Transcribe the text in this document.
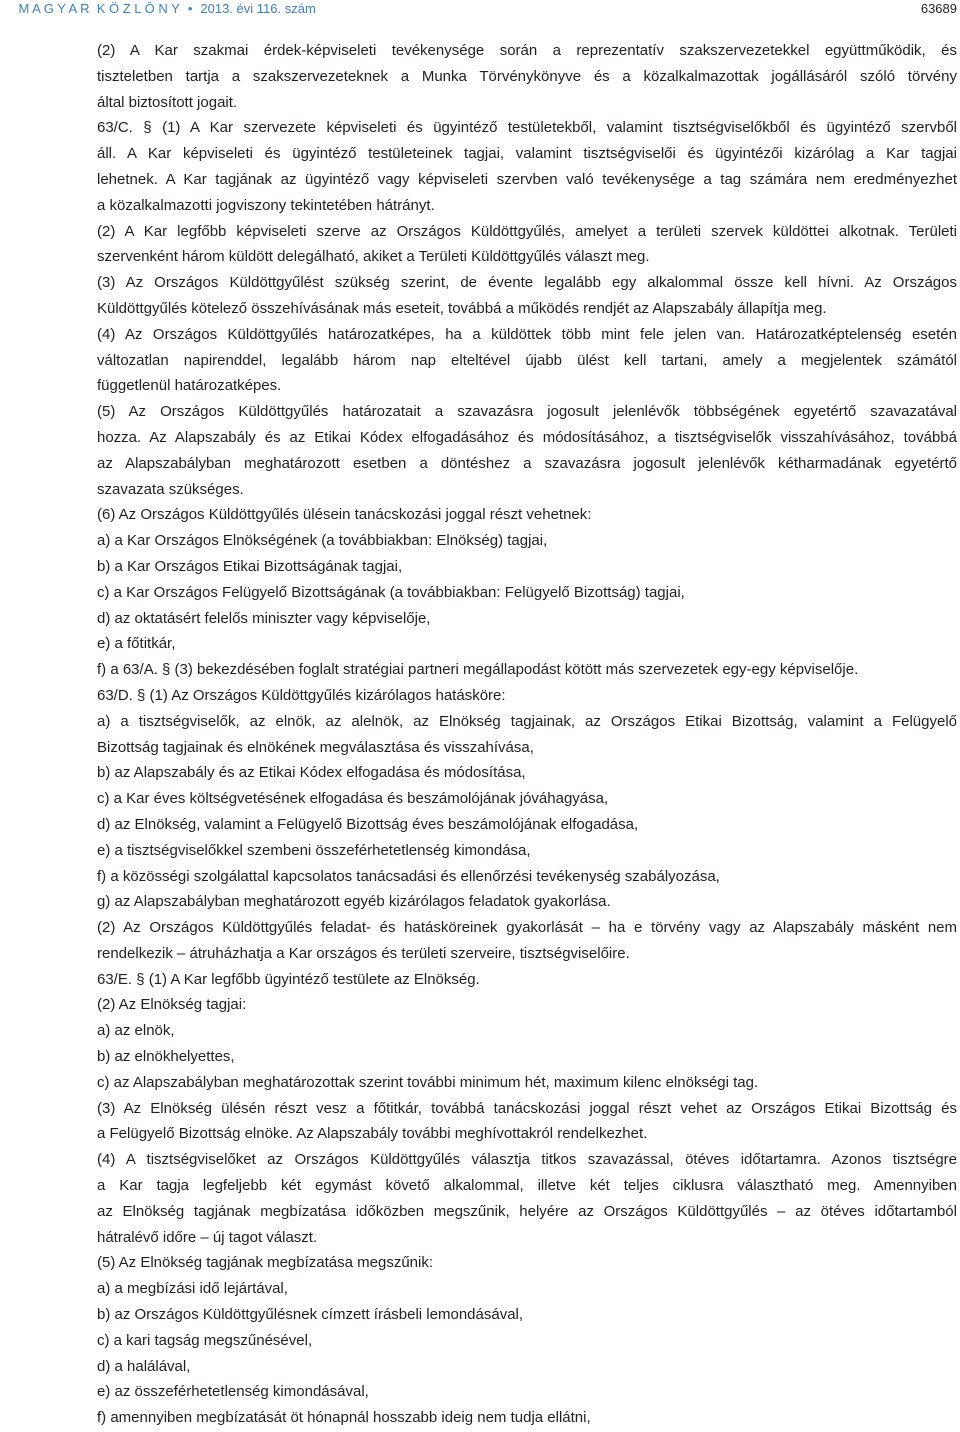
M A G Y A R  K Ö Z L Ö N Y • 2013. évi 116. szám
	63689
(2) A Kar szakmai érdek-képviseleti tevékenysége során a reprezentatív szakszervezetekkel együttműködik, és
tiszteletben tartja a szakszervezeteknek a Munka Törvénykönyve és a közalkalmazottak jogállásáról szóló törvény
által biztosított jogait.
63/C. § (1) A Kar szervezete képviseleti és ügyintéző testületekből, valamint tisztségviselőkből és ügyintéző szervből
áll. A Kar képviseleti és ügyintéző testületeinek tagjai, valamint tisztségviselői és ügyintézői kizárólag a Kar tagjai
lehetnek. A Kar tagjának az ügyintéző vagy képviseleti szervben való tevékenysége a tag számára nem eredményezhet
a közalkalmazotti jogviszony tekintetében hátrányt.
(2) A Kar legfőbb képviseleti szerve az Országos Küldöttgyűlés, amelyet a területi szervek küldöttei alkotnak. Területi
szervenként három küldött delegálható, akiket a Területi Küldöttgyűlés választ meg.
(3) Az Országos Küldöttgyűlést szükség szerint, de évente legalább egy alkalommal össze kell hívni. Az Országos
Küldöttgyűlés kötelező összehívásának más eseteit, továbbá a működés rendjét az Alapszabály állapítja meg.
(4) Az Országos Küldöttgyűlés határozatképes, ha a küldöttek több mint fele jelen van. Határozatképtelenség esetén
változatlan napirenddel, legalább három nap elteltével újabb ülést kell tartani, amely a megjelentek számától
függetlenül határozatképes.
(5) Az Országos Küldöttgyűlés határozatait a szavazásra jogosult jelenlévők többségének egyetértő szavazatával
hozza. Az Alapszabály és az Etikai Kódex elfogadásához és módosításához, a tisztségviselők visszahívásához, továbbá
az Alapszabályban meghatározott esetben a döntéshez a szavazásra jogosult jelenlévők kétharmadának egyetértő
szavazata szükséges.
(6) Az Országos Küldöttgyűlés ülésein tanácskozási joggal részt vehetnek:
a) a Kar Országos Elnökségének (a továbbiakban: Elnökség) tagjai,
b) a Kar Országos Etikai Bizottságának tagjai,
c) a Kar Országos Felügyelő Bizottságának (a továbbiakban: Felügyelő Bizottság) tagjai,
d) az oktatásért felelős miniszter vagy képviselője,
e) a főtitkár,
f) a 63/A. § (3) bekezdésében foglalt stratégiai partneri megállapodást kötött más szervezetek egy-egy képviselője.
63/D. § (1) Az Országos Küldöttgyűlés kizárólagos hatásköre:
a) a tisztségviselők, az elnök, az alelnök, az Elnökség tagjainak, az Országos Etikai Bizottság, valamint a Felügyelő
Bizottság tagjainak és elnökének megválasztása és visszahívása,
b) az Alapszabály és az Etikai Kódex elfogadása és módosítása,
c) a Kar éves költségvetésének elfogadása és beszámolójának jóváhagyása,
d) az Elnökség, valamint a Felügyelő Bizottság éves beszámolójának elfogadása,
e) a tisztségviselőkkel szembeni összeférhetetlenség kimondása,
f) a közösségi szolgálattal kapcsolatos tanácsadási és ellenőrzési tevékenység szabályozása,
g) az Alapszabályban meghatározott egyéb kizárólagos feladatok gyakorlása.
(2) Az Országos Küldöttgyűlés feladat- és hatásköreinek gyakorlását – ha e törvény vagy az Alapszabály másként nem
rendelkezik – átruházhatja a Kar országos és területi szerveire, tisztségviselőire.
63/E. § (1) A Kar legfőbb ügyintéző testülete az Elnökség.
(2) Az Elnökség tagjai:
a) az elnök,
b) az elnökhelyettes,
c) az Alapszabályban meghatározottak szerint további minimum hét, maximum kilenc elnökségi tag.
(3) Az Elnökség ülésén részt vesz a főtitkár, továbbá tanácskozási joggal részt vehet az Országos Etikai Bizottság és
a Felügyelő Bizottság elnöke. Az Alapszabály további meghívottakról rendelkezhet.
(4) A tisztségviselőket az Országos Küldöttgyűlés választja titkos szavazással, ötéves időtartamra. Azonos tisztségre
a Kar tagja legfeljebb két egymást követő alkalommal, illetve két teljes ciklusra választható meg. Amennyiben
az Elnökség tagjának megbízatása időközben megszűnik, helyére az Országos Küldöttgyűlés – az ötéves időtartamból
hátralévő időre – új tagot választ.
(5) Az Elnökség tagjának megbízatása megszűnik:
a) a megbízási idő lejártával,
b) az Országos Küldöttgyűlésnek címzett írásbeli lemondásával,
c) a kari tagság megszűnésével,
d) a halálával,
e) az összeférhetetlenség kimondásával,
f) amennyiben megbízatását öt hónapnál hosszabb ideig nem tudja ellátni,
